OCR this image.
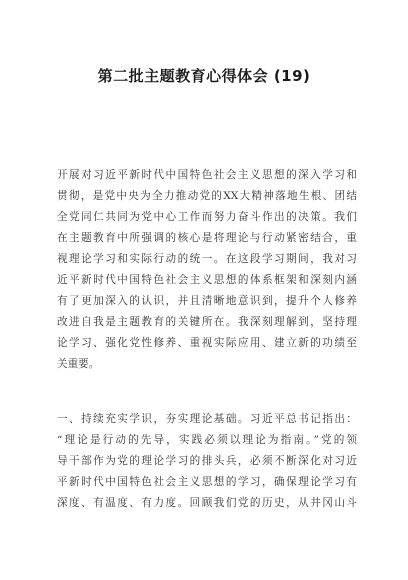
第二批主题教育心得体会 (19)
开展对习近平新时代中国特色社会主义思想的深入学习和
贯彻，是党中央为全力推动党的XX大精神落地生根、团结
全党同仁共同为党中心工作而努力奋斗作出的决策。我们
在主题教育中所强调的核心是将理论与行动紧密结合，重
视理论学习和实际行动的统一。在这段学习期间，我对习
近平新时代中国特色社会主义思想的体系框架和深刻内涵
有了更加深入的认识，并且清晰地意识到，提升个人修养
改进自我是主题教育的关键所在。我深刻理解到，坚持理
论学习、强化党性修养、重视实际应用、建立新的功绩至
关重要。
一、持续充实学识，夯实理论基础。习近平总书记指出：
“理论是行动的先导，实践必须以理论为指南。”党的领
导干部作为党的理论学习的排头兵，必须不断深化对习近
平新时代中国特色社会主义思想的学习，确保理论学习有
深度、有温度、有力度。回顾我们党的历史，从井冈山斗
